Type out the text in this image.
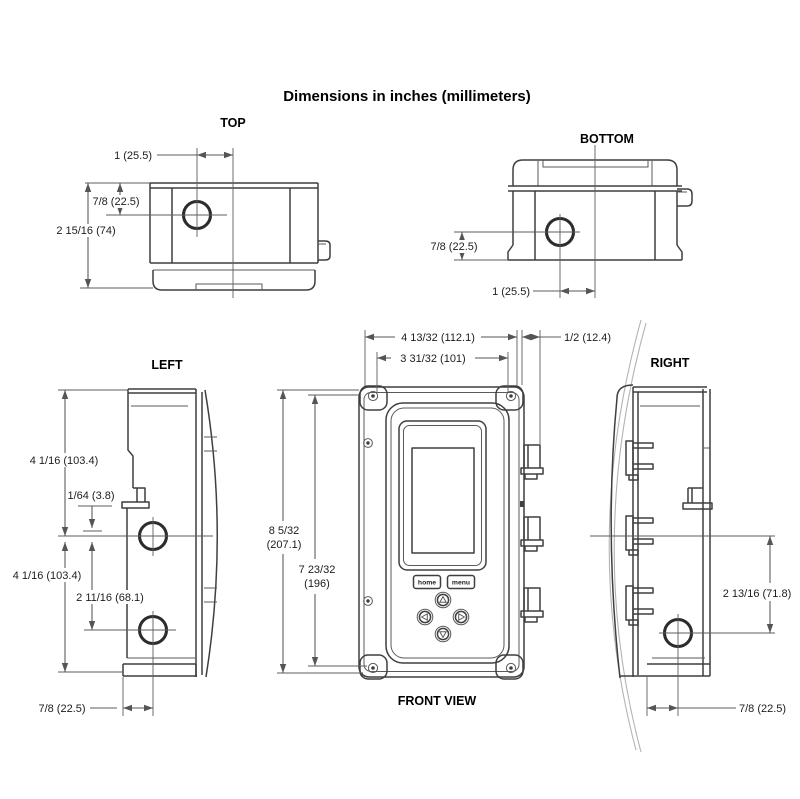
Dimensions in inches (millimeters)
TOP
1 (25.5)
7/8 (22.5)
2 15/16 (74)
BOTTOM
7/8 (22.5)
1 (25.5)
LEFT
4 1/16 (103.4)
1/64 (3.8)
2 11/16 (68.1)
4 1/16 (103.4)
7/8 (22.5)
FRONT VIEW
home menu
4 13/32 (112.1)
3 31/32 (101)
1/2 (12.4)
8 5/32
(207.1)
7 23/32
(196)
RIGHT
2 13/16 (71.8)
7/8 (22.5)
